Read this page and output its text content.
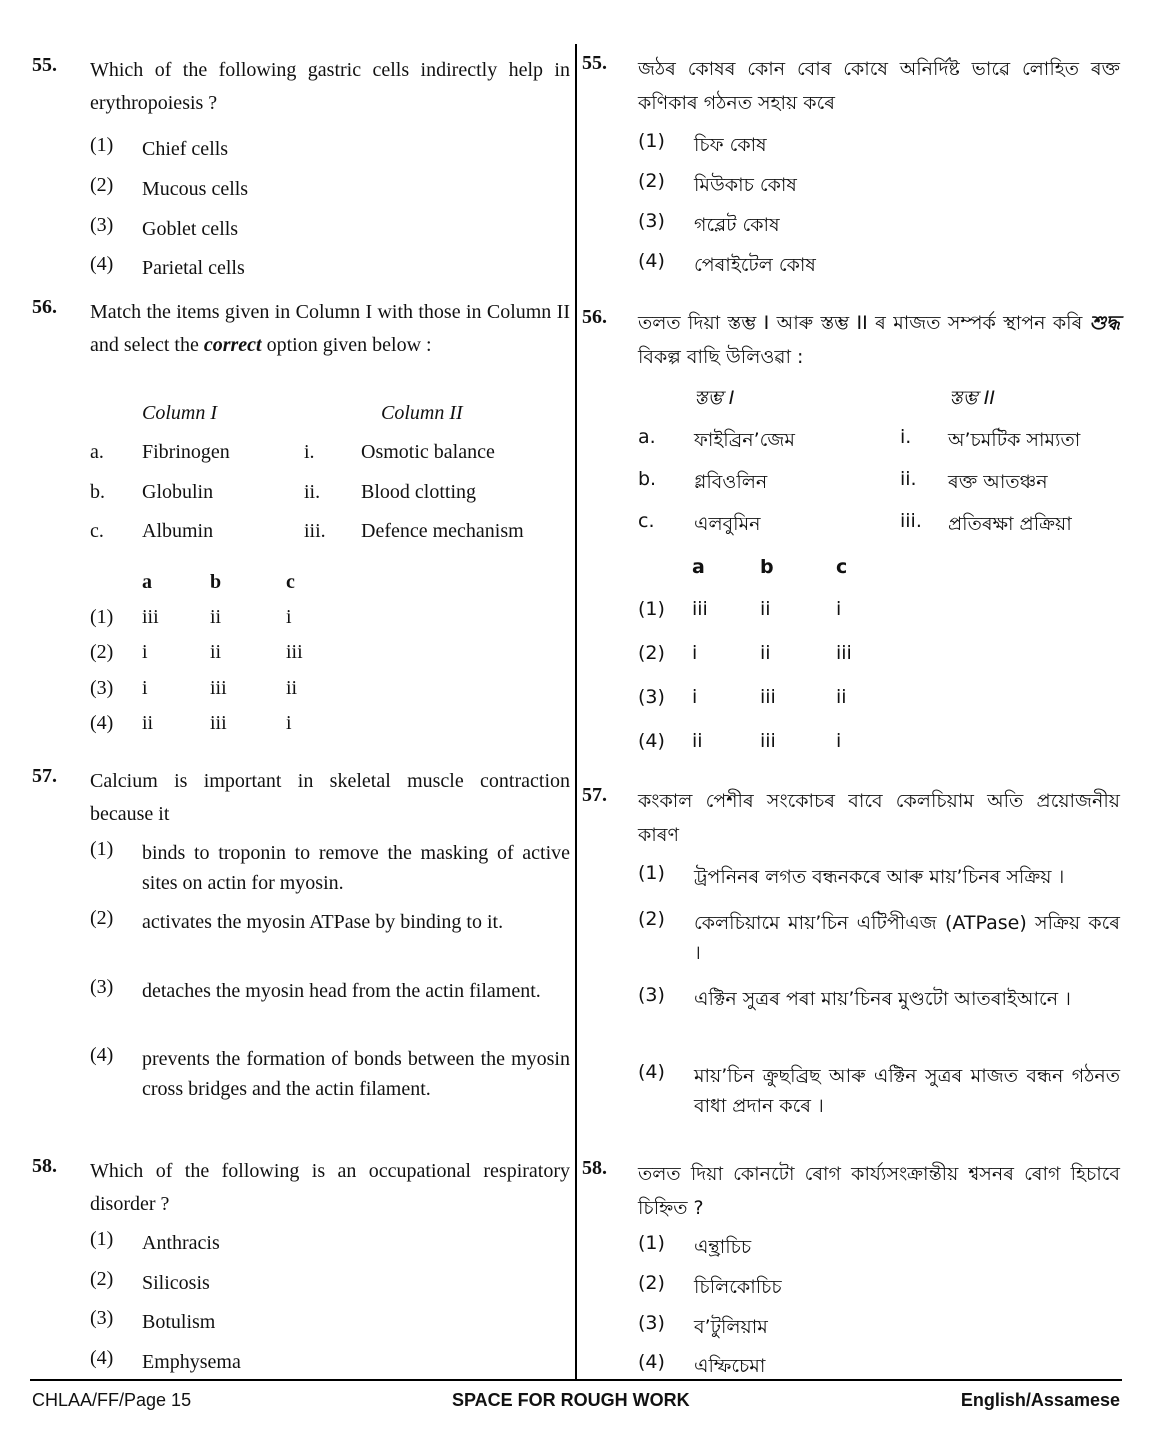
55. Which of the following gastric cells indirectly help in erythropoiesis ?
(1) Chief cells
(2) Mucous cells
(3) Goblet cells
(4) Parietal cells
56. Match the items given in Column I with those in Column II and select the correct option given below :
Column I	Column II
a. Fibrinogen	i. Osmotic balance
b. Globulin	ii. Blood clotting
c. Albumin	iii. Defence mechanism
a	b	c
(1) iii	ii	i
(2) i	ii	iii
(3) i	iii	ii
(4) ii	iii	i
57. Calcium is important in skeletal muscle contraction because it
(1) binds to troponin to remove the masking of active sites on actin for myosin.
(2) activates the myosin ATPase by binding to it.
(3) detaches the myosin head from the actin filament.
(4) prevents the formation of bonds between the myosin cross bridges and the actin filament.
58. Which of the following is an occupational respiratory disorder ?
(1) Anthracis
(2) Silicosis
(3) Botulism
(4) Emphysema
55. জঠৰ কোষৰ কোন বোৰ কোষে অনিৰ্দিষ্ট ভাৱে লোহিত ৰক্ত কণিকাৰ গঠনত সহায় কৰে
(1) চিফ কোষ
(2) মিউকাচ কোষ
(3) গব্লেট কোষ
(4) পেৰাইটেল কোষ
56. তলত দিয়া স্তম্ভ I আৰু স্তম্ভ II ৰ মাজত সম্পৰ্ক স্থাপন কৰি শুদ্ধ বিকল্প বাছি উলিওৱা :
স্তম্ভ I	স্তম্ভ II
a. ফাইব্ৰিন’জেম	i. অ’চমটিক সাম্যতা
b. গ্লবিওলিন	ii. ৰক্ত আতঞ্চন
c. এলবুমিন	iii. প্ৰতিৰক্ষা প্ৰক্ৰিয়া
a	b	c
(1) iii	ii	i
(2) i	ii	iii
(3) i	iii	ii
(4) ii	iii	i
57. কংকাল পেশীৰ সংকোচৰ বাবে কেলচিয়াম অতি প্ৰয়োজনীয় কাৰণ
(1) ট্ৰপনিনৰ লগত বন্ধনকৰে আৰু মায়’চিনৰ সক্ৰিয় ।
(2) কেলচিয়ামে মায়’চিন এটিপীএজ (ATPase) সক্ৰিয় কৰে ।
(3) এক্টিন সুত্ৰৰ পৰা মায়’চিনৰ মুণ্ডটো আতৰাইআনে ।
(4) মায়’চিন ক্ৰুছব্ৰিছ আৰু এক্টিন সুত্ৰৰ মাজত বন্ধন গঠনত বাধা প্ৰদান কৰে ।
58. তলত দিয়া কোনটো ৰোগ কাৰ্য্যসংক্ৰান্তীয় শ্বসনৰ ৰোগ হিচাবে চিহ্নিত ?
(1) এন্থ্ৰাচিচ
(2) চিলিকোচিচ
(3) ব’টুলিয়াম
(4) এম্ফিচেমা
CHLAA/FF/Page 15	SPACE FOR ROUGH WORK	English/Assamese
